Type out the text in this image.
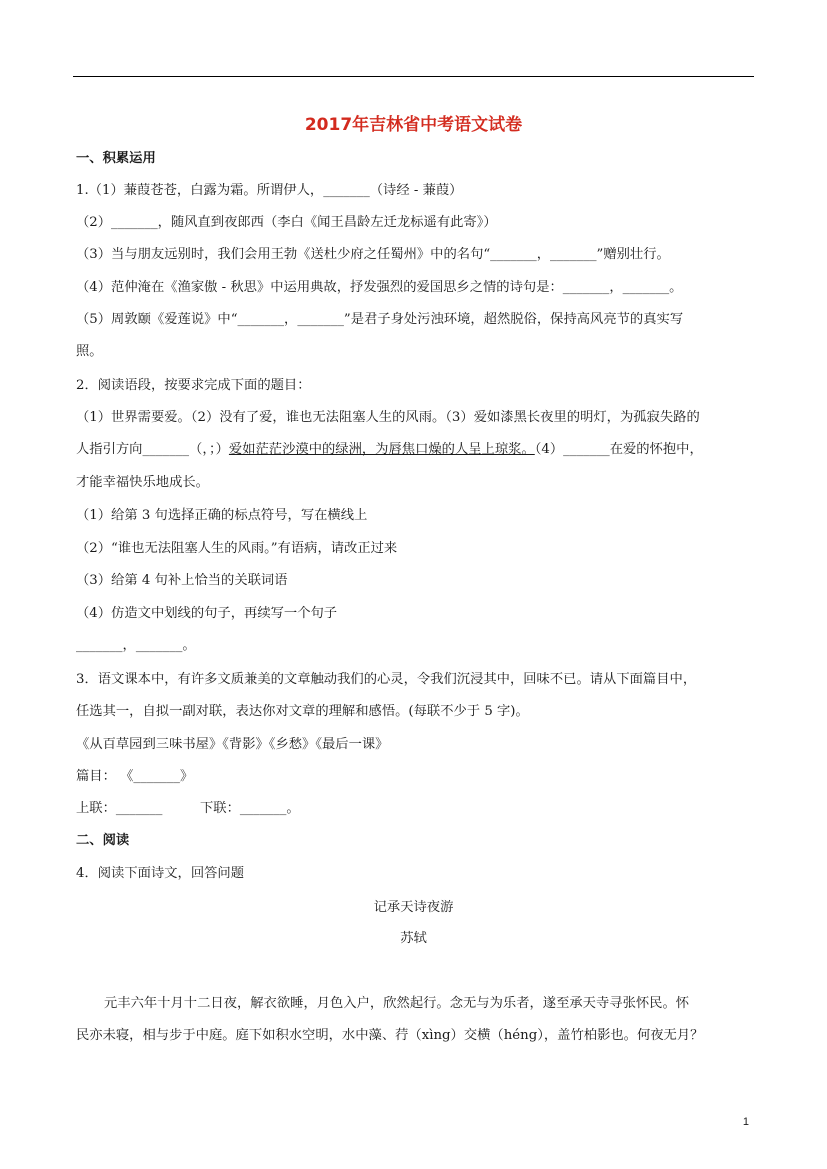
2017年吉林省中考语文试卷
一、积累运用
1.（1）蒹葭苍苍，白露为霜。所谓伊人，_______（诗经 - 蒹葭）
（2）_______，随风直到夜郎西（李白《闻王昌龄左迁龙标遥有此寄》）
（3）当与朋友远别时，我们会用王勃《送杜少府之任蜀州》中的名句“_______，_______”赠别壮行。
（4）范仲淹在《渔家傲 - 秋思》中运用典故，抒发强烈的爱国思乡之情的诗句是：_______，_______。
（5）周敦颐《爱莲说》中“_______，_______”是君子身处污浊环境，超然脱俗，保持高风亮节的真实写
照。
2．阅读语段，按要求完成下面的题目：
（1）世界需要爱。（2）没有了爱，谁也无法阻塞人生的风雨。（3）爱如漆黑长夜里的明灯，为孤寂失路的
人指引方向_______（，；）爱如茫茫沙漠中的绿洲，为唇焦口燥的人呈上琼浆。（4）_______在爱的怀抱中，
才能幸福快乐地成长。
（1）给第 3 句选择正确的标点符号，写在横线上
（2）“谁也无法阻塞人生的风雨。”有语病，请改正过来
（3）给第 4 句补上恰当的关联词语
（4）仿造文中划线的句子，再续写一个句子
_______，_______。
3．语文课本中，有许多文质兼美的文章触动我们的心灵，令我们沉浸其中，回味不已。请从下面篇目中，
任选其一，自拟一副对联，表达你对文章的理解和感悟。(每联不少于 5 字)。
《从百草园到三味书屋》《背影》《乡愁》《最后一课》
篇目： 《_______》
上联：_______	下联：_______。
二、阅读
4．阅读下面诗文，回答问题
记承天诗夜游
苏轼
元丰六年十月十二日夜，解衣欲睡，月色入户，欣然起行。念无与为乐者，遂至承天寺寻张怀民。怀
民亦未寝，相与步于中庭。庭下如积水空明，水中藻、荇（xìng）交横（héng），盖竹柏影也。何夜无月？
1
